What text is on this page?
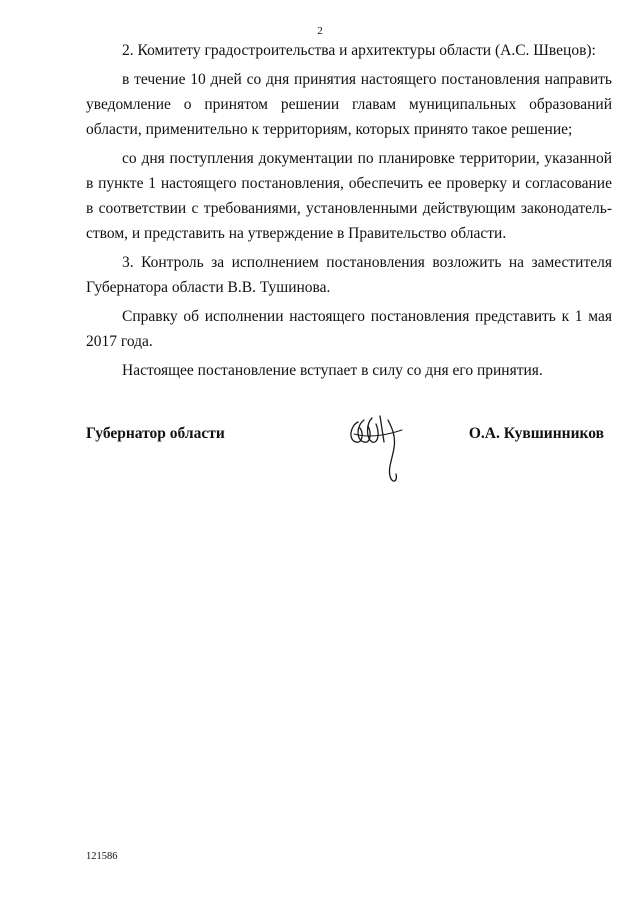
2

2. Комитету градостроительства и архитектуры области (А.С. Швецов):

в течение 10 дней со дня принятия настоящего постановления направить уведомление о принятом решении главам муниципальных образований области, применительно к территориям, которых принято такое решение;

со дня поступления документации по планировке территории, указанной в пункте 1 настоящего постановления, обеспечить ее проверку и согласование в соответствии с требованиями, установленными действующим законодательством, и представить на утверждение в Правительство области.

3. Контроль за исполнением постановления возложить на заместителя Губернатора области В.В. Тушинова.

Справку об исполнении настоящего постановления представить к 1 мая 2017 года.

Настоящее постановление вступает в силу со дня его принятия.

Губернатор области	О.А. Кувшинников
121586
